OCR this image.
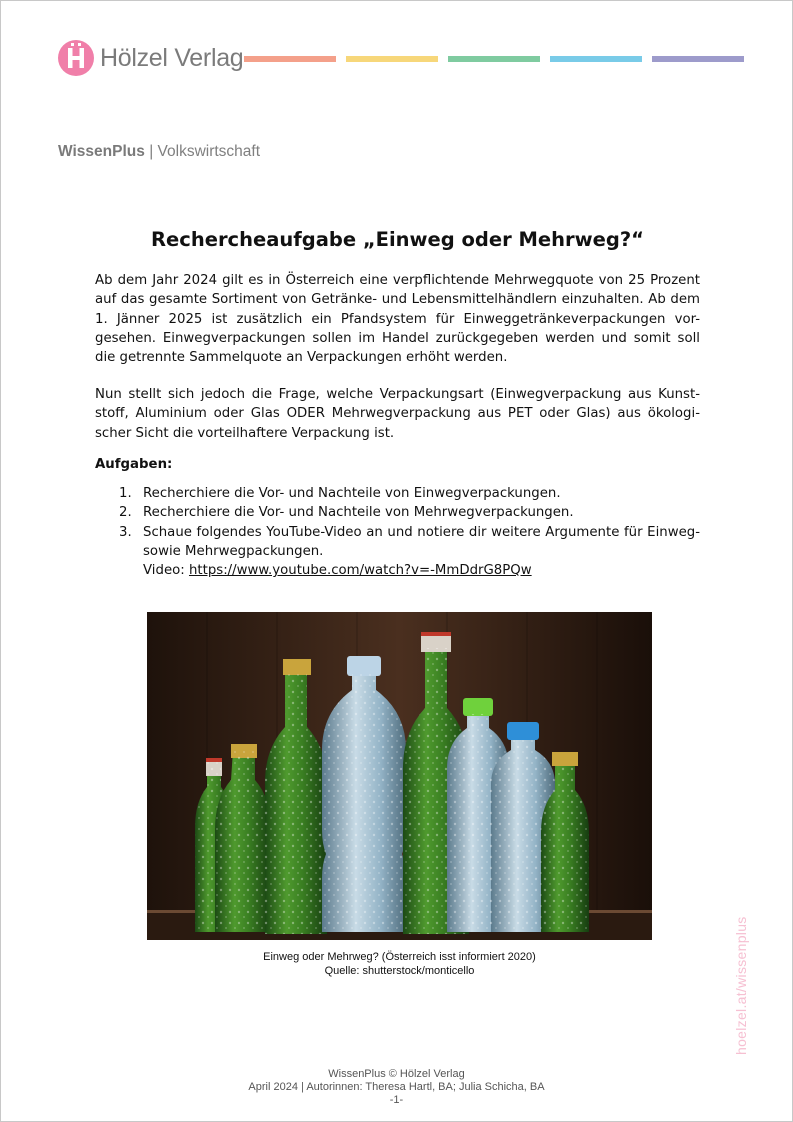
Hölzel Verlag
WissenPlus | Volkswirtschaft
Rechercheaufgabe „Einweg oder Mehrweg?“
Ab dem Jahr 2024 gilt es in Österreich eine verpflichtende Mehrwegquote von 25 Prozent auf das gesamte Sortiment von Getränke- und Lebensmittelhändlern einzuhalten. Ab dem 1. Jänner 2025 ist zusätzlich ein Pfandsystem für Einweggetränkeverpackungen vor-gesehen. Einwegverpackungen sollen im Handel zurückgegeben werden und somit soll die getrennte Sammelquote an Verpackungen erhöht werden.
Nun stellt sich jedoch die Frage, welche Verpackungsart (Einwegverpackung aus Kunst-stoff, Aluminium oder Glas ODER Mehrwegverpackung aus PET oder Glas) aus ökologi-scher Sicht die vorteilhaftere Verpackung ist.
Aufgaben:
1. Recherchiere die Vor- und Nachteile von Einwegverpackungen.
2. Recherchiere die Vor- und Nachteile von Mehrwegverpackungen.
3. Schaue folgendes YouTube-Video an und notiere dir weitere Argumente für Einweg- sowie Mehrwegpackungen.
Video: https://www.youtube.com/watch?v=-MmDdrG8PQw
Einweg oder Mehrweg? (Österreich isst informiert 2020)
Quelle: shutterstock/monticello	hoelzel.at/wissenplus
WissenPlus © Hölzel Verlag
April 2024 | Autorinnen: Theresa Hartl, BA; Julia Schicha, BA
-1-
